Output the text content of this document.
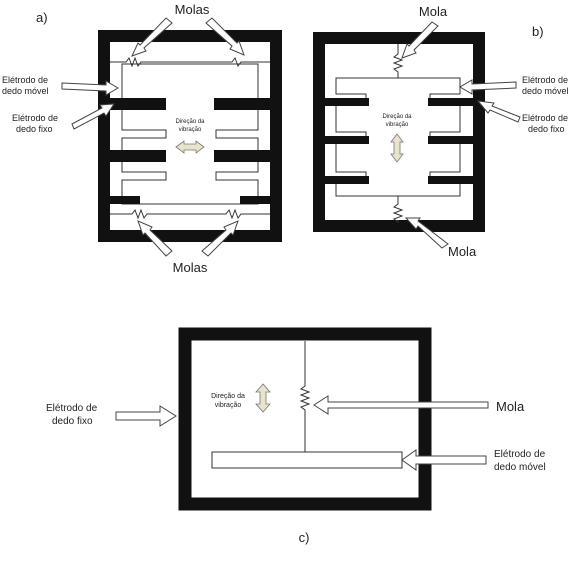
a)
Direção da
vibração
Molas
Molas
Elétrodo de
dedo móvel
Elétrodo de
dedo fixo
b)
Direção da
vibração
Mola
Mola
Elétrodo de
dedo móvel
Elétrodo de
dedo fixo
Direção da
vibração	Mola
Elétrodo de
dedo fixo
Elétrodo de
dedo móvel
c)
